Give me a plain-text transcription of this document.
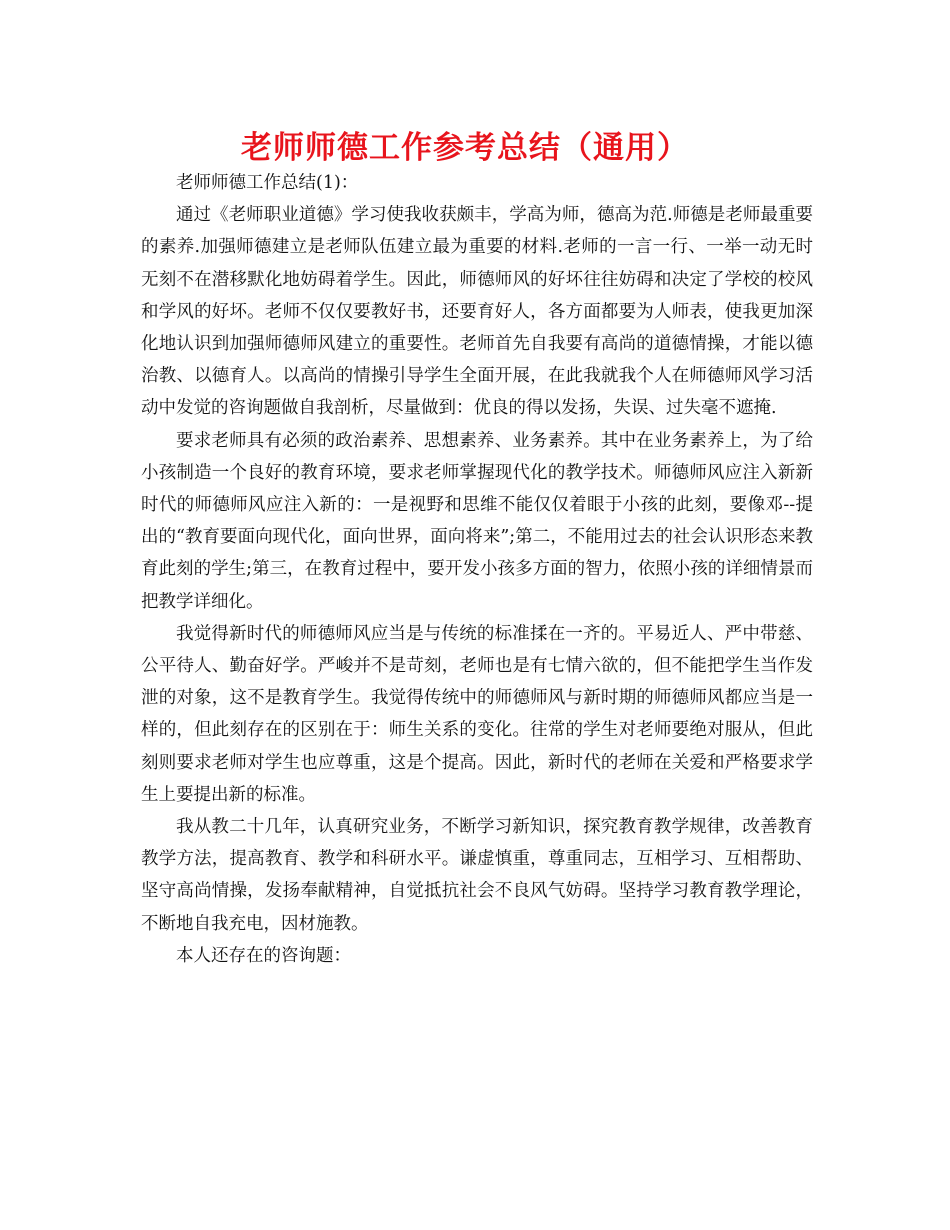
老师师德工作参考总结（通用）

老师师德工作总结(1)：

通过《老师职业道德》学习使我收获颇丰，学高为师，德高为范.师德是老师最重要的素养.加强师德建立是老师队伍建立最为重要的材料.老师的一言一行、一举一动无时无刻不在潜移默化地妨碍着学生。因此，师德师风的好坏往往妨碍和决定了学校的校风和学风的好坏。老师不仅仅要教好书，还要育好人，各方面都要为人师表，使我更加深化地认识到加强师德师风建立的重要性。老师首先自我要有高尚的道德情操，才能以德治教、以德育人。以高尚的情操引导学生全面开展，在此我就我个人在师德师风学习活动中发觉的咨询题做自我剖析，尽量做到：优良的得以发扬，失误、过失毫不遮掩.

要求老师具有必须的政治素养、思想素养、业务素养。其中在业务素养上，为了给小孩制造一个良好的教育环境，要求老师掌握现代化的教学技术。师德师风应注入新新时代的师德师风应注入新的：一是视野和思维不能仅仅着眼于小孩的此刻，要像邓--提出的“教育要面向现代化，面向世界，面向将来”;第二，不能用过去的社会认识形态来教育此刻的学生;第三，在教育过程中，要开发小孩多方面的智力，依照小孩的详细情景而把教学详细化。

我觉得新时代的师德师风应当是与传统的标准揉在一齐的。平易近人、严中带慈、公平待人、勤奋好学。严峻并不是苛刻，老师也是有七情六欲的，但不能把学生当作发泄的对象，这不是教育学生。我觉得传统中的师德师风与新时期的师德师风都应当是一样的，但此刻存在的区别在于：师生关系的变化。往常的学生对老师要绝对服从，但此刻则要求老师对学生也应尊重，这是个提高。因此，新时代的老师在关爱和严格要求学生上要提出新的标准。

我从教二十几年，认真研究业务，不断学习新知识，探究教育教学规律，改善教育教学方法，提高教育、教学和科研水平。谦虚慎重，尊重同志，互相学习、互相帮助、坚守高尚情操，发扬奉献精神，自觉抵抗社会不良风气妨碍。坚持学习教育教学理论，不断地自我充电，因材施教。

本人还存在的咨询题：
